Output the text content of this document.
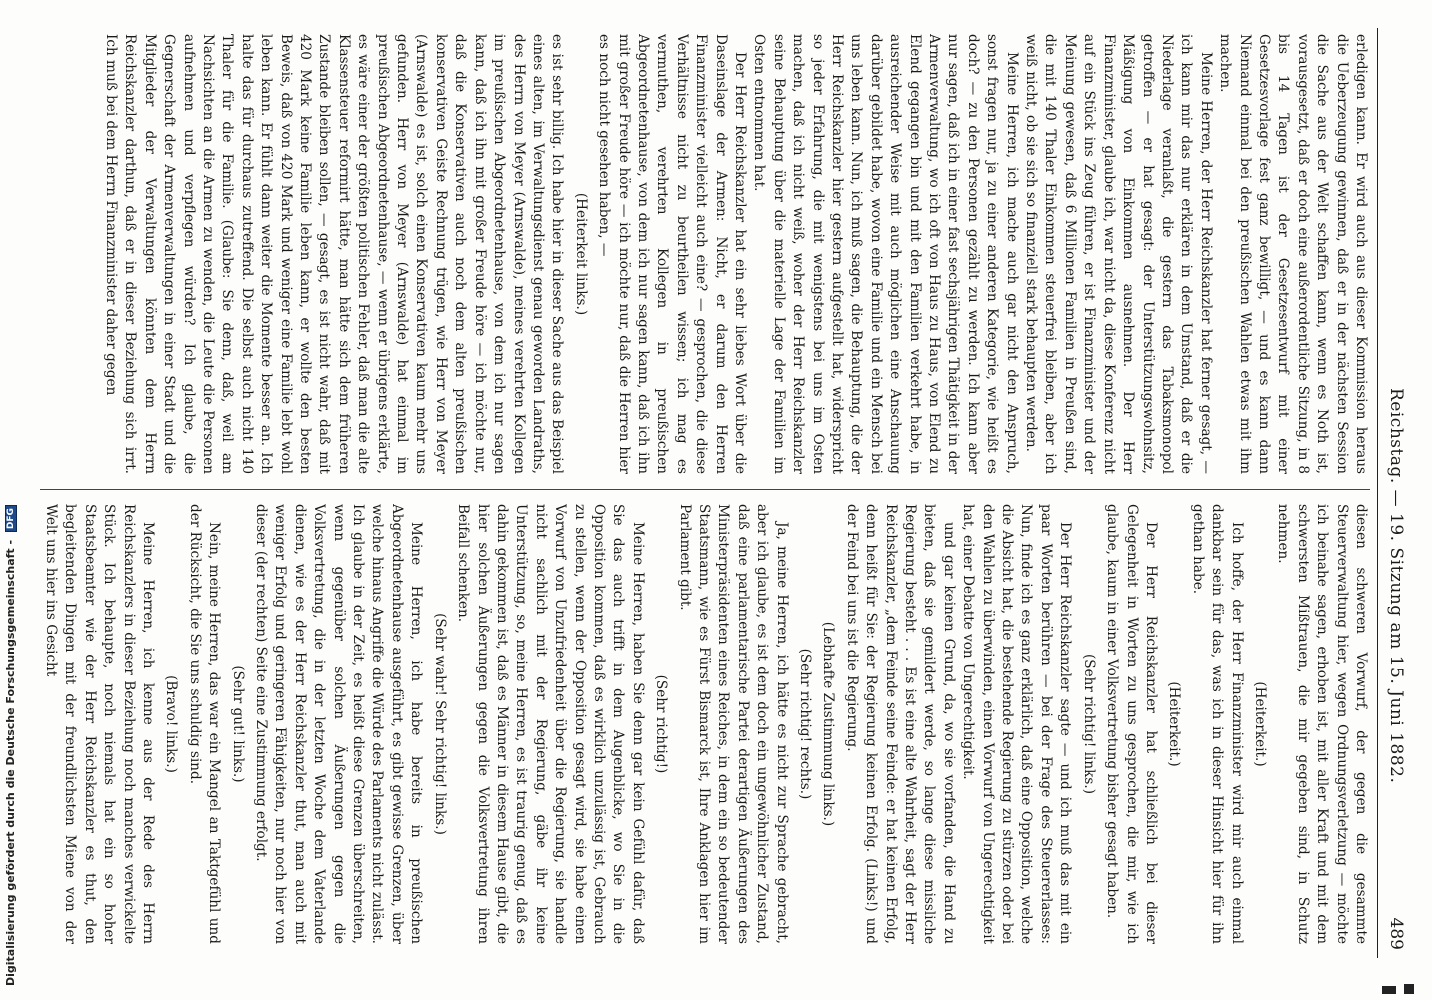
Reichstag. — 19. Sitzung am 15. Juni 1882.
489

erledigen kann. Er wird auch aus dieser Kommission heraus die Ueberzeugung gewinnen, daß er in der nächsten Session die Sache aus der Welt schaffen kann, wenn es Noth ist, vorausgesetzt, daß er doch eine außerordentliche Sitzung, in 8 bis 14 Tagen ist der Gesetzesentwurf mit einer Gesetzesvorlage fest ganz bewilligt, — und es kann dann Niemand einmal bei den preußischen Wahlen etwas mit ihm machen.

Meine Herren, der Herr Reichskanzler hat ferner gesagt, — ich kann mir das nur erklären in dem Umstand, daß er die Niederlage veranlaßt, die gestern das Tabaksmonopol getroffen — er hat gesagt: der Unterstützungswohnsitz, Mäßigung von Einkommen ausnehmen. Der Herr Finanzminister, glaube ich, war nicht da, diese Konferenz nicht auf ein Stück ins Zeug führen, er ist Finanzminister und der Meinung gewesen, daß 6 Millionen Familien in Preußen sind, die mit 140 Thaler Einkommen steuerfrei bleiben, aber ich weiß nicht, ob sie sich so finanziell stark behaupten werden.

Meine Herren, ich mache auch gar nicht den Anspruch, sonst fragen nur, ja zu einer anderen Kategorie, wie heißt es doch? — zu den Personen gezählt zu werden. Ich kann aber nur sagen, daß ich in einer fast sechsjährigen Thätigkeit in der Armenverwaltung, wo ich oft von Haus zu Haus, von Elend zu Elend gegangen bin und mit den Familien verkehrt habe, in ausreichender Weise mit auch möglichen eine Anschauung darüber gebildet habe, wovon eine Familie und ein Mensch bei uns leben kann. Nun, ich muß sagen, die Behauptung, die der Herr Reichskanzler hier gestern aufgestellt hat, widerspricht so jeder Erfahrung, die mit wenigstens bei uns im Osten machen, daß ich nicht weiß, woher der Herr Reichskanzler seine Behauptung über die materielle Lage der Familien im Osten entnommen hat.

Der Herr Reichskanzler hat ein sehr liebes Wort über die Daseinslage der Armen: Nicht, er darum den Herren Finanzminister vielleicht auch eine? — gesprochen, die diese Verhältnisse nicht zu beurtheilen wissen; ich mag es vermuthen, verehrten Kollegen in preußischen Abgeordnetenhause, von dem ich nur sagen kann, daß ich ihn mit großer Freude höre — ich möchte nur, daß die Herren hier es noch nicht gesehen haben, —

(Heiterkeit links.)

es ist sehr billig. Ich habe hier in dieser Sache aus das Beispiel eines alten, im Verwaltungsdienst genau geworden Landraths, des Herrn von Meyer (Arnswalde), meines verehrten Kollegen im preußischen Abgeordnetenhause, von dem ich nur sagen kann, daß ich ihn mit großer Freude höre — ich möchte nur, daß die Konservativen auch noch dem alten preußischen konservativen Geiste Rechnung trügen, wie Herr von Meyer (Arnswalde) es ist, solch einen Konservativen kaum mehr uns gefunden. Herr von Meyer (Arnswalde) hat einmal im preußischen Abgeordnetenhause, — wenn er übrigens erklärte, es wäre einer der größten politischen Fehler, daß man die alte Klassensteuer reformirt hätte, man hätte sich dem früheren Zustande bleiben sollen, — gesagt, es ist nicht wahr, daß mit 420 Mark keine Familie leben kann, er wollte den besten Beweis, daß von 420 Mark und weniger eine Familie lebt wohl leben kann. Er fühlt dann weiter die Momente besser an. Ich halte das für durchaus zutreffend. Die selbst auch nicht 140 Thaler für die Familie. (Glaube: Sie denn, daß, weil am Nachsichten an die Armen zu wenden, die Leute die Personen aufnehmen und verpflegen würden? Ich glaube, die Gegnerschaft der Armenverwaltungen in einer Stadt und die Mitglieder der Verwaltungen könnten dem Herrn Reichskanzler darthun, daß er in dieser Beziehung sich irrt. Ich muß bei dem Herrn Finanzminister daher gegen

diesen schweren Vorwurf, der gegen die gesammte Steuerverwaltung hier, wegen Ordnungsverletzung — möchte ich beinahe sagen, erhoben ist, mit aller Kraft und mit dem schwersten Mißtrauen, die mir gegeben sind, in Schutz nehmen.

(Heiterkeit.)

Ich hoffe, der Herr Finanzminister wird mir auch einmal dankbar sein für das, was ich in dieser Hinsicht hier für ihn gethan habe.

(Heiterkeit.)

Der Herr Reichskanzler hat schließlich bei dieser Gelegenheit in Worten zu uns gesprochen, die mir, wie ich glaube, kaum in einer Volksvertretung bisher gesagt haben.

(Sehr richtig! links.)

Der Herr Reichskanzler sagte — und ich muß das mit ein paar Worten berühren — bei der Frage des Steuererlasses: Nun, finde ich es ganz erklärlich, daß eine Opposition, welche die Absicht hat, die bestehende Regierung zu stürzen oder bei den Wahlen zu überwinden, einen Vorwurf von Ungerechtigkeit hat, einer Debatte von Ungerechtigkeit.

und gar keinen Grund, da, wo sie vorfanden, die Hand zu bieten, daß sie gemildert werde, so lange diese missliche Regierung besteht . . . Es ist eine alte Wahrheit, sagt der Herr Reichskanzler, „dem Feinde seine Feinde: er hat keinen Erfolg, denn heißt für Sie: der Regierung keinen Erfolg. (Links!) und der Feind bei uns ist die Regierung.

(Lebhafte Zustimmung links.)

(Sehr richtig! rechts.)

Ja, meine Herren, ich hätte es nicht zur Sprache gebracht, aber ich glaube, es ist dem doch ein ungewöhnlicher Zustand, daß eine parlamentarische Partei derartigen Äußerungen des Ministerpräsidenten eines Reiches, in dem ein so bedeutender Staatsmann, wie es Fürst Bismarck ist, Ihre Anklagen hier im Parlament gibt.

(Sehr richtig!)

Meine Herren, haben Sie denn gar kein Gefühl dafür, daß Sie das auch trifft in dem Augenblicke, wo Sie in die Opposition kommen, daß es wirklich unzulässig ist, Gebrauch zu stellen, wenn der Opposition gesagt wird, sie habe einen Vorwurf von Unzufriedenheit über die Regierung, sie handle nicht sachlich mit der Regierung, gäbe ihr keine Unterstützung, so, meine Herren, es ist traurig genug, daß es dahin gekommen ist, daß es Männer in diesem Hause gibt, die hier solchen Äußerungen gegen die Volksvertretung ihren Beifall schenken.

(Sehr wahr! Sehr richtig! links.)

Meine Herren, ich habe bereits in preußischen Abgeordnetenhause ausgeführt, es gibt gewisse Grenzen, über welche hinaus Angriffe die Würde des Parlaments nicht zulässt. Ich glaube in der Zeit, es heißt diese Grenzen überschreiten, wenn gegenüber solchen Äußerungen gegen die Volksvertretung, die in der letzten Woche dem Vaterlande dienen, wie es der Herr Reichskanzler thut, man auch mit weniger Erfolg und geringeren Fähigkeiten, nur noch hier von dieser (der rechten) Seite eine Zustimmung erfolgt.

(Sehr gut! links.)

Nein, meine Herren, das war ein Mangel an Taktgefühl und der Rücksicht, die Sie uns schuldig sind.

(Bravo! links.)

Meine Herren, ich kenne aus der Rede des Herrn Reichskanzlers in dieser Beziehung noch manches verwickelte Stück. Ich behaupte, noch niemals hat ein so hoher Staatsbeamter wie der Herr Reichskanzler es thut, den begleitenden Dingen mit der freundlichsten Miene von der Welt uns hier ins Gesicht

Digitalisierung gefördert durch die Deutsche Forschungsgemeinschaft - DFG
